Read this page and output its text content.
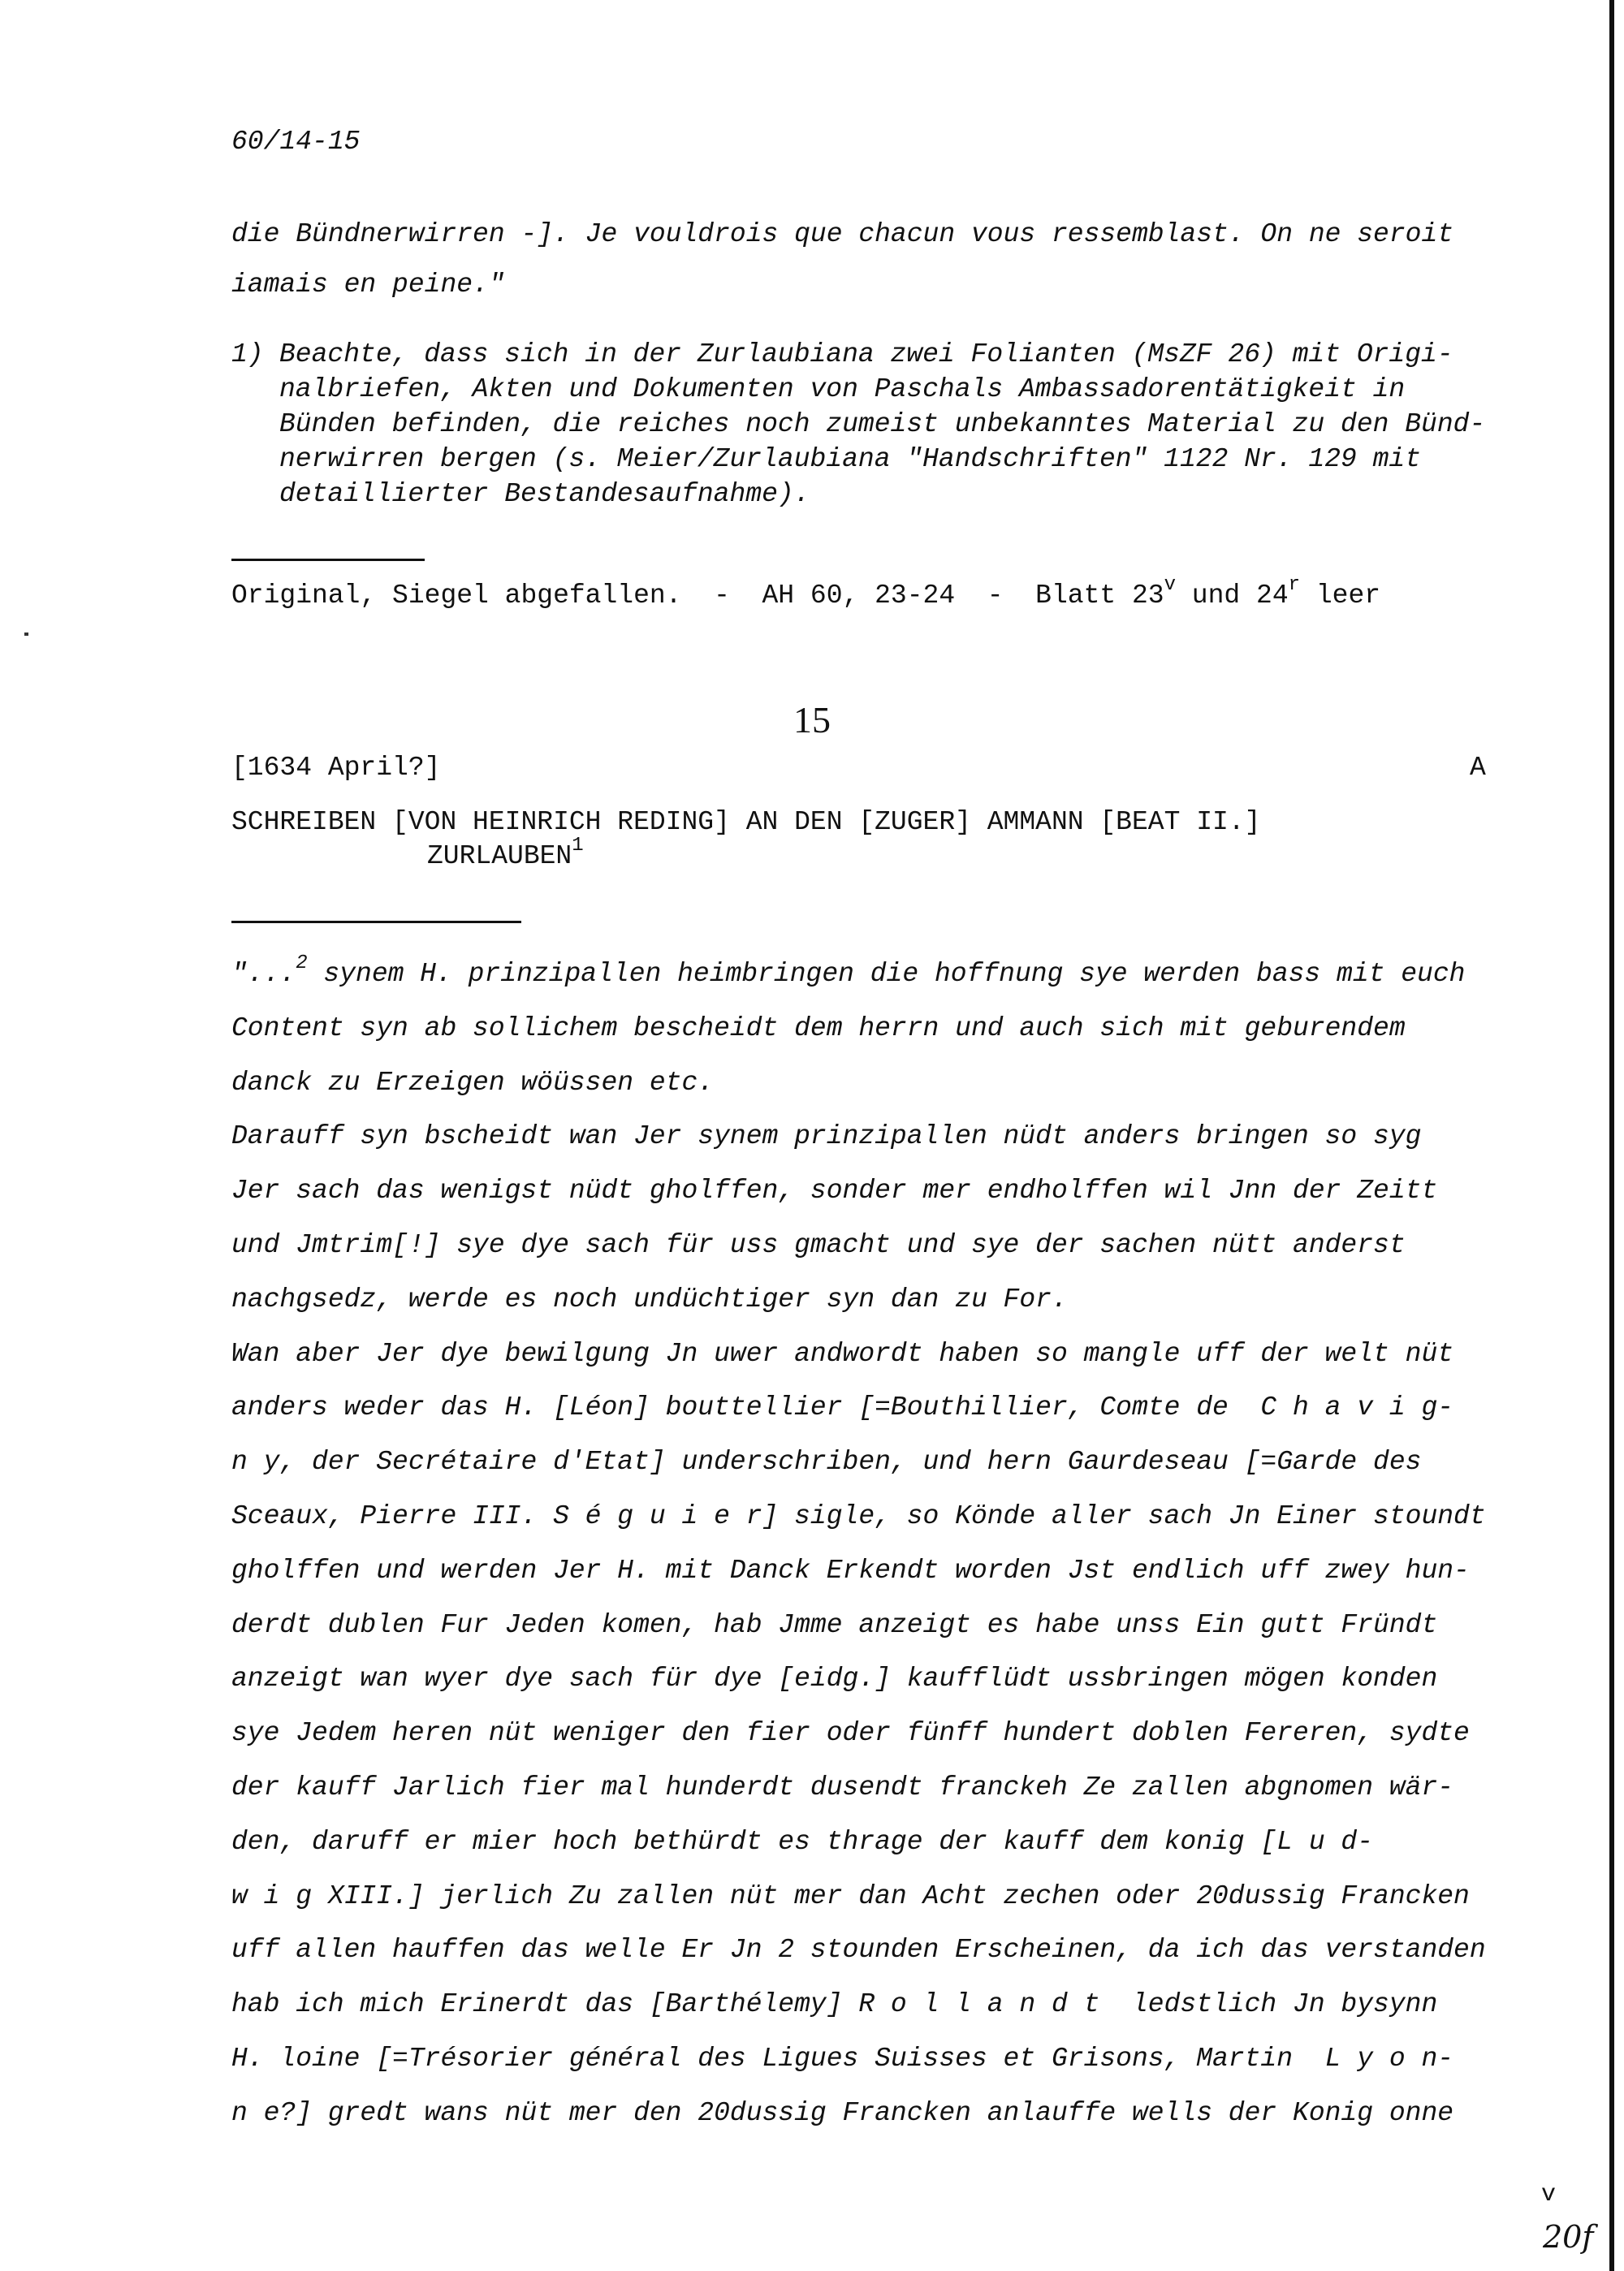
60/14-15
die Bündnerwirren -]. Je vouldrois que chacun vous ressemblast. On ne seroit
iamais en peine."
1) Beachte, dass sich in der Zurlaubiana zwei Folianten (MsZF 26) mit Origi-
nalbriefen, Akten und Dokumenten von Paschals Ambassadorentätigkeit in
Bünden befinden, die reiches noch zumeist unbekanntes Material zu den Bünd-
nerwirren bergen (s. Meier/Zurlaubiana "Handschriften" 1122 Nr. 129 mit
detaillierter Bestandesaufnahme).
Original, Siegel abgefallen.  -  AH 60, 23-24  -  Blatt 23$^v$ und 24$^r$ leer
15
[1634 April?]	A
SCHREIBEN [VON HEINRICH REDING] AN DEN [ZUGER] AMMANN [BEAT II.]
ZURLAUBEN$^1$
"...$^2$ synem H. prinzipallen heimbringen die hoffnung sye werden bass mit euch
Content syn ab sollichem bescheidt dem herrn und auch sich mit geburendem
danck zu Erzeigen wöüssen etc.
Darauff syn bscheidt wan Jer synem prinzipallen nüdt anders bringen so syg
Jer sach das wenigst nüdt gholffen, sonder mer endholffen wil Jnn der Zeitt
und Jmtrim[!] sye dye sach für uss gmacht und sye der sachen nütt anderst
nachgsedz, werde es noch undüchtiger syn dan zu For.
Wan aber Jer dye bewilgung Jn uwer andwordt haben so mangle uff der welt nüt
anders weder das H. [Léon] bouttellier [=Bouthillier, Comte de  C h a v i g-
n y, der Secrétaire d'Etat] underschriben, und hern Gaurdeseau [=Garde des
Sceaux, Pierre III. S é g u i e r] sigle, so Könde aller sach Jn Einer stoundt
gholffen und werden Jer H. mit Danck Erkendt worden Jst endlich uff zwey hun-
derdt dublen Fur Jeden komen, hab Jmme anzeigt es habe unss Ein gutt Fründt
anzeigt wan wyer dye sach für dye [eidg.] kaufflüdt ussbringen mögen konden
sye Jedem heren nüt weniger den fier oder fünff hundert doblen Fereren, sydte
der kauff Jarlich fier mal hunderdt dusendt franckeh Ze zallen abgnomen wär-
den, daruff er mier hoch bethürdt es thrage der kauff dem konig [L u d-
w i g XIII.] jerlich Zu zallen nüt mer dan Acht zechen oder 20dussig Francken
uff allen hauffen das welle Er Jn 2 stounden Erscheinen, da ich das verstanden
hab ich mich Erinerdt das [Barthélemy] R o l l a n d t  ledstlich Jn bysynn
H. loine [=Trésorier général des Ligues Suisses et Grisons, Martin  L y o n-
n e?] gredt wans nüt mer den 20dussig Francken anlauffe wells der Konig onne
v
20f
